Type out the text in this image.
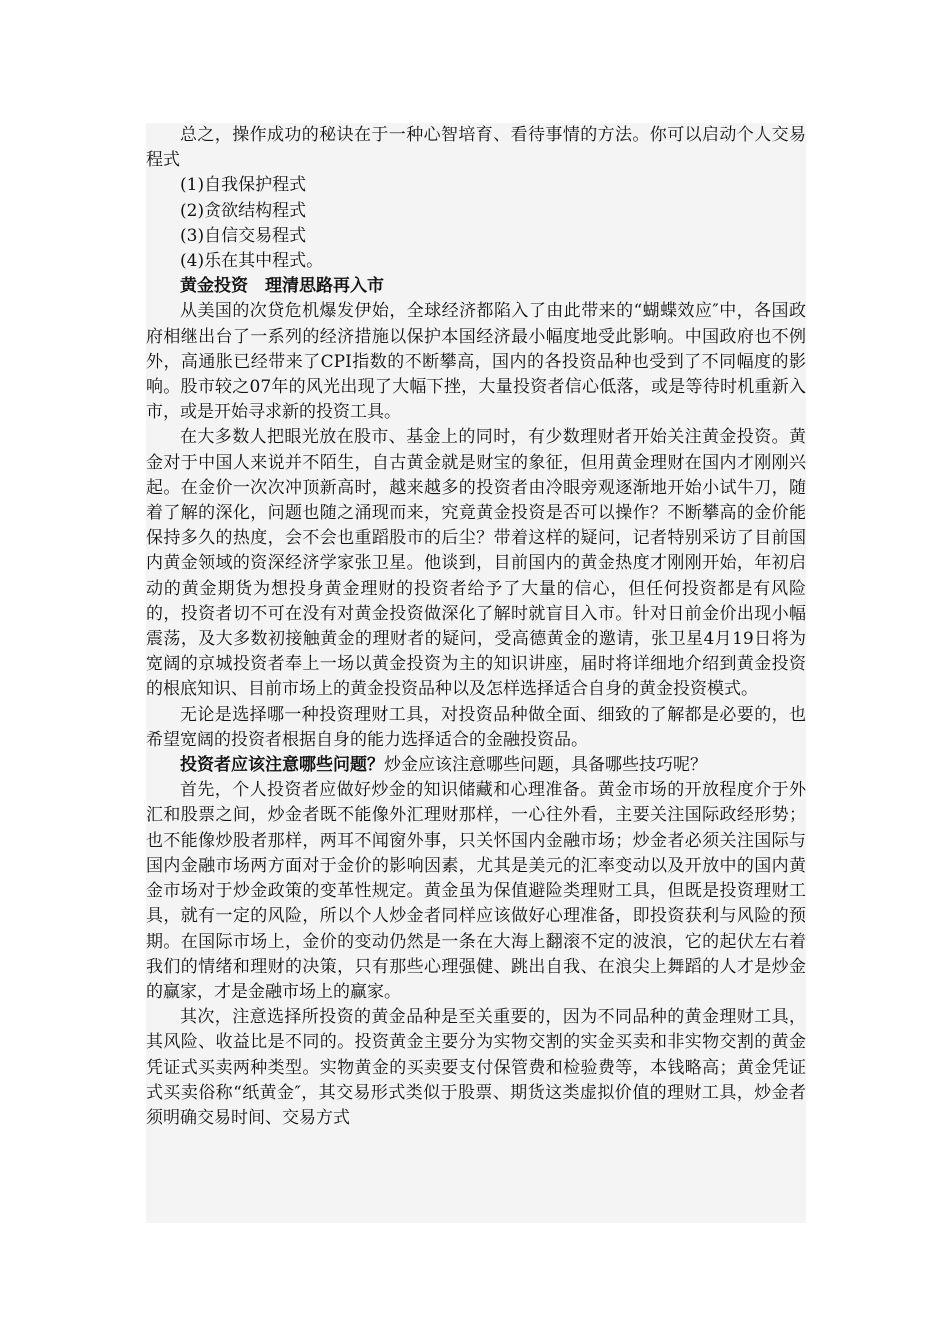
总之，操作成功的秘诀在于一种心智培育、看待事情的方法。你可以启动个人交易程式

(1)自我保护程式

(2)贪欲结构程式

(3)自信交易程式

(4)乐在其中程式。

黄金投资　理清思路再入市

从美国的次贷危机爆发伊始，全球经济都陷入了由此带来的“蝴蝶效应″中，各国政府相继出台了一系列的经济措施以保护本国经济最小幅度地受此影响。中国政府也不例外，高通胀已经带来了CPI指数的不断攀高，国内的各投资品种也受到了不同幅度的影响。股市较之07年的风光出现了大幅下挫，大量投资者信心低落，或是等待时机重新入市，或是开始寻求新的投资工具。

在大多数人把眼光放在股市、基金上的同时，有少数理财者开始关注黄金投资。黄金对于中国人来说并不陌生，自古黄金就是财宝的象征，但用黄金理财在国内才刚刚兴起。在金价一次次冲顶新高时，越来越多的投资者由冷眼旁观逐渐地开始小试牛刀，随着了解的深化，问题也随之涌现而来，究竟黄金投资是否可以操作？不断攀高的金价能保持多久的热度，会不会也重蹈股市的后尘？带着这样的疑问，记者特别采访了目前国内黄金领域的资深经济学家张卫星。他谈到，目前国内的黄金热度才刚刚开始，年初启动的黄金期货为想投身黄金理财的投资者给予了大量的信心，但任何投资都是有风险的，投资者切不可在没有对黄金投资做深化了解时就盲目入市。针对日前金价出现小幅震荡，及大多数初接触黄金的理财者的疑问，受高德黄金的邀请，张卫星4月19日将为宽阔的京城投资者奉上一场以黄金投资为主的知识讲座，届时将详细地介绍到黄金投资的根底知识、目前市场上的黄金投资品种以及怎样选择适合自身的黄金投资模式。

无论是选择哪一种投资理财工具，对投资品种做全面、细致的了解都是必要的，也希望宽阔的投资者根据自身的能力选择适合的金融投资品。

投资者应该注意哪些问题？炒金应该注意哪些问题，具备哪些技巧呢？

首先，个人投资者应做好炒金的知识储藏和心理准备。黄金市场的开放程度介于外汇和股票之间，炒金者既不能像外汇理财那样，一心往外看，主要关注国际政经形势；也不能像炒股者那样，两耳不闻窗外事，只关怀国内金融市场；炒金者必须关注国际与国内金融市场两方面对于金价的影响因素，尤其是美元的汇率变动以及开放中的国内黄金市场对于炒金政策的变革性规定。黄金虽为保值避险类理财工具，但既是投资理财工具，就有一定的风险，所以个人炒金者同样应该做好心理准备，即投资获利与风险的预期。在国际市场上，金价的变动仍然是一条在大海上翻滚不定的波浪，它的起伏左右着我们的情绪和理财的决策，只有那些心理强健、跳出自我、在浪尖上舞蹈的人才是炒金的赢家，才是金融市场上的赢家。

其次，注意选择所投资的黄金品种是至关重要的，因为不同品种的黄金理财工具，其风险、收益比是不同的。投资黄金主要分为实物交割的实金买卖和非实物交割的黄金凭证式买卖两种类型。实物黄金的买卖要支付保管费和检验费等，本钱略高；黄金凭证式买卖俗称“纸黄金″，其交易形式类似于股票、期货这类虚拟价值的理财工具，炒金者须明确交易时间、交易方式
